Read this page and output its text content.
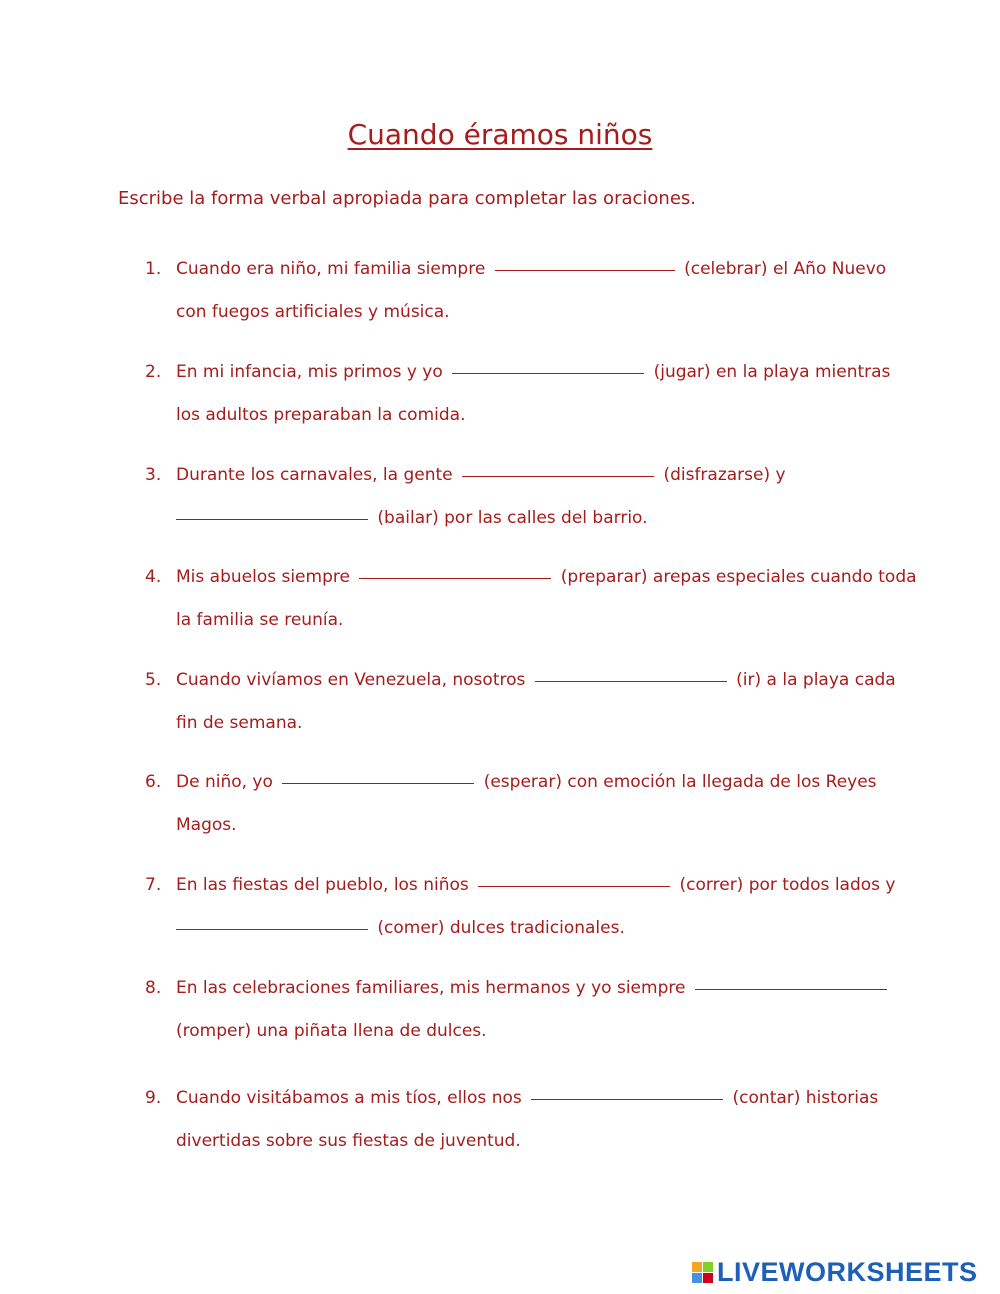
Cuando éramos niños
Escribe la forma verbal apropiada para completar las oraciones.
1. Cuando era niño, mi familia siempre	(celebrar) el Año Nuevo
con fuegos artificiales y música.
2. En mi infancia, mis primos y yo	(jugar) en la playa mientras
los adultos preparaban la comida.
3. Durante los carnavales, la gente	(disfrazarse) y
(bailar) por las calles del barrio.
4. Mis abuelos siempre	(preparar) arepas especiales cuando toda
la familia se reunía.
5. Cuando vivíamos en Venezuela, nosotros	(ir) a la playa cada
fin de semana.
6. De niño, yo	(esperar) con emoción la llegada de los Reyes
Magos.
7. En las fiestas del pueblo, los niños	(correr) por todos lados y
(comer) dulces tradicionales.
8. En las celebraciones familiares, mis hermanos y yo siempre
(romper) una piñata llena de dulces.
9. Cuando visitábamos a mis tíos, ellos nos	(contar) historias
divertidas sobre sus fiestas de juventud.
LIVEWORKSHEETS
